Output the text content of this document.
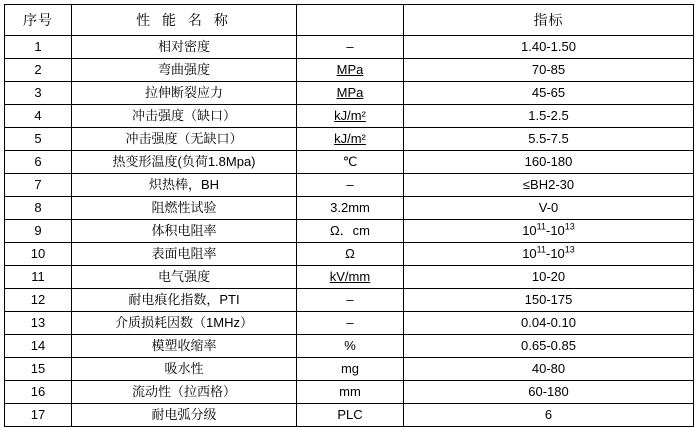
序号	性 能 名 称		指标
1	相对密度	–	1.40-1.50
2	弯曲强度	MPa	70-85
3	拉伸断裂应力	MPa	45-65
4	冲击强度（缺口）	kJ/m²	1.5-2.5
5	冲击强度（无缺口）	kJ/m²	5.5-7.5
6	热变形温度(负荷1.8Mpa)	℃	160-180
7	炽热棒，BH	–	≤BH2-30
8	阻燃性试验	3.2mm	V-0
9	体积电阻率	Ω．cm	$10^{11}-10^{13}$
10	表面电阻率	Ω	$10^{11}-10^{13}$
11	电气强度	kV/mm	10-20
12	耐电痕化指数，PTI	–	150-175
13	介质损耗因数（1MHz）	–	0.04-0.10
14	模塑收缩率	%	0.65-0.85
15	吸水性	mg	40-80
16	流动性（拉西格）	mm	60-180
17	耐电弧分级	PLC	6
